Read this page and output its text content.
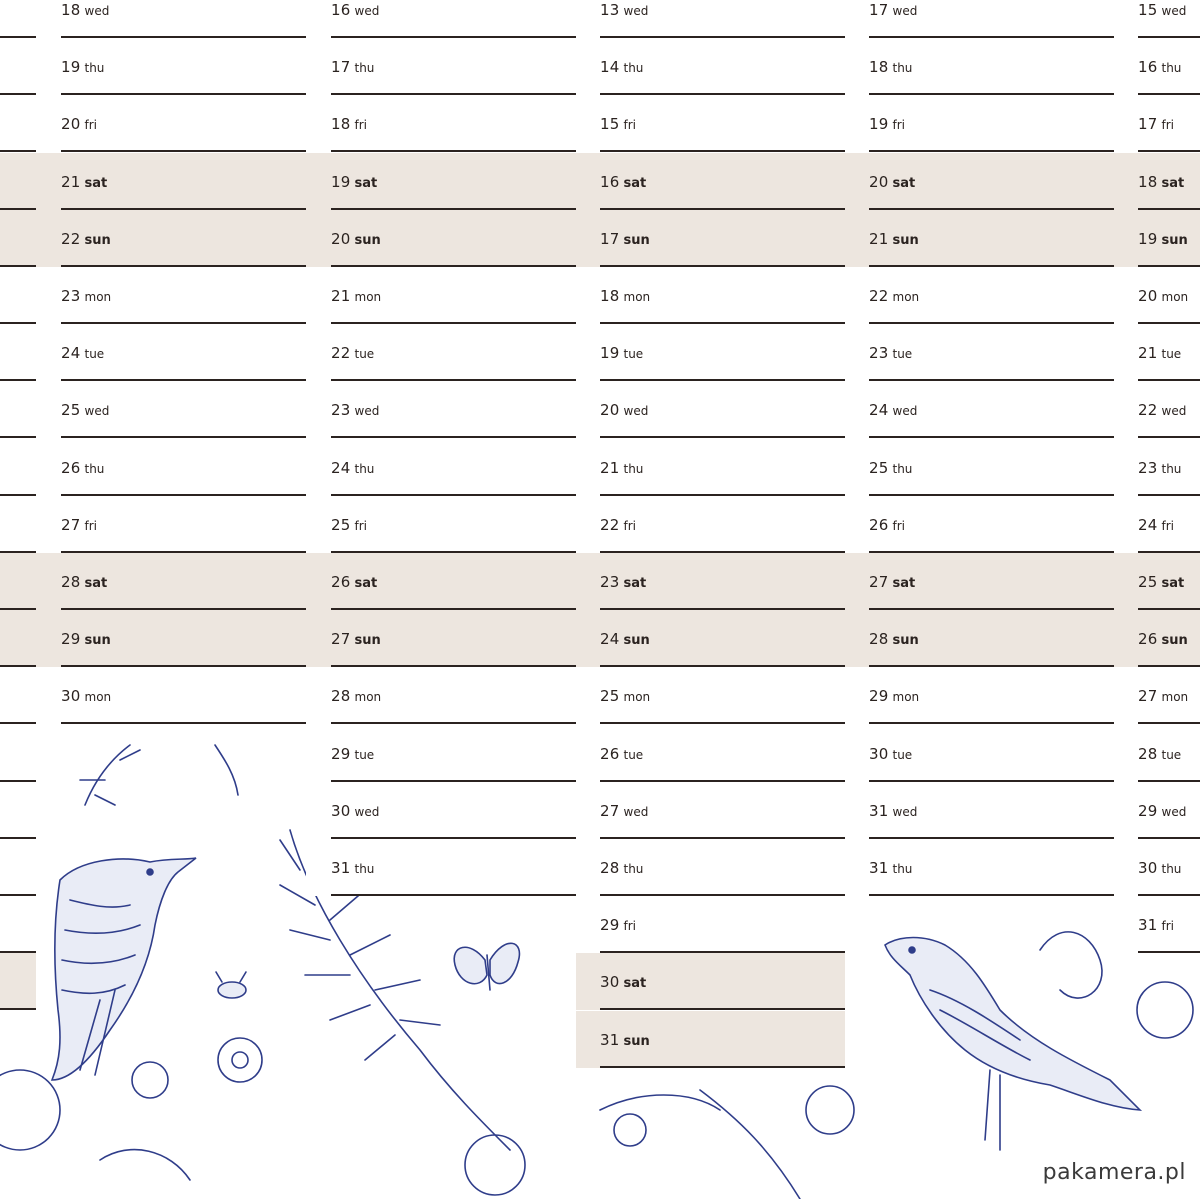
18 wed
19 thu
20 fri
21 sat
22 sun
23 mon
24 tue
25 wed
26 thu
27 fri
28 sat
29 sun
30 mon
16 wed
17 thu
18 fri
19 sat
20 sun
21 mon
22 tue
23 wed
24 thu
25 fri
26 sat
27 sun
28 mon
29 tue
30 wed
31 thu
13 wed
14 thu
15 fri
16 sat
17 sun
18 mon
19 tue
20 wed
21 thu
22 fri
23 sat
24 sun
25 mon
26 tue
27 wed
28 thu
29 fri
30 sat
31 sun
17 wed
18 thu
19 fri
20 sat
21 sun
22 mon
23 tue
24 wed
25 thu
26 fri
27 sat
28 sun
29 mon
30 tue
31 wed
31 thu
15 wed
16 thu
17 fri
18 sat
19 sun
20 mon
21 tue
22 wed
23 thu
24 fri
25 sat
26 sun
27 mon
28 tue
29 wed
30 thu
31 fri
pakamera.pl
